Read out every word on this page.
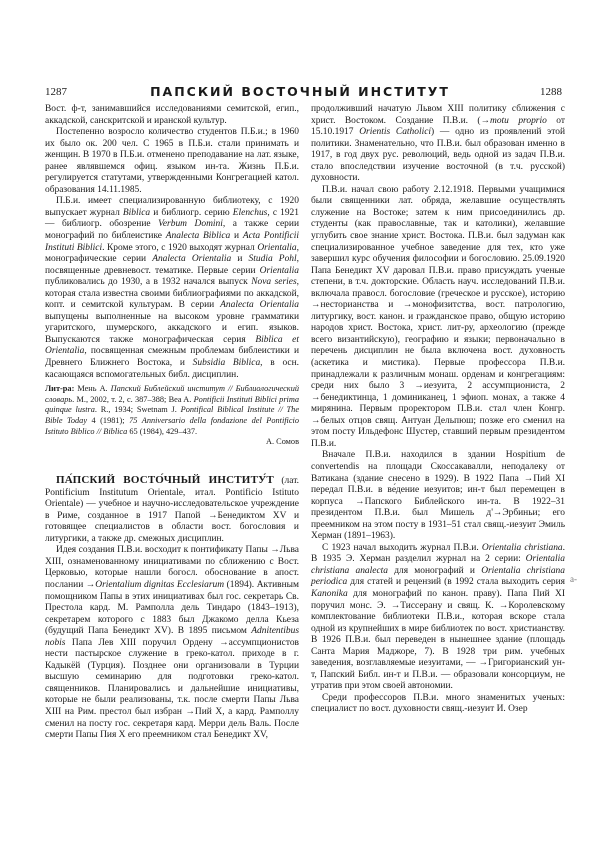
1287	ПАПСКИЙ ВОСТОЧНЫЙ ИНСТИТУТ	1288

Вост. ф-т, занимавшийся исследованиями семитской, егип., аккадской, санскритской и иранской культур.

Постепенно возросло количество студентов П.Б.и.; в 1960 их было ок. 200 чел. С 1965 в П.Б.и. стали принимать и женщин. В 1970 в П.Б.и. отменено преподавание на лат. языке, ранее являвшемся офиц. языком ин-та. Жизнь П.Б.и. регулируется статутами, утвержденными Конгрегацией катол. образования 14.11.1985.

П.Б.и. имеет специализированную библиотеку, с 1920 выпускает журнал Biblica и библиогр. серию Elenchus, с 1921 — библиогр. обозрение Verbum Domini, а также серии монографий по библеистике Analecta Biblica и Acta Pontificii Instituti Biblici. Кроме этого, с 1920 выходят журнал Orientalia, монографические серии Analecta Orientalia и Studia Pohl, посвященные древневост. тематике. Первые серии Orientalia публиковались до 1930, а в 1932 начался выпуск Nova series, которая стала известна своими библиографиями по аккадской, копт. и семитской культурам. В серии Analecta Orientalia выпущены выполненные на высоком уровне грамматики угаритского, шумерского, аккадского и егип. языков. Выпускаются также монографическая серия Biblica et Orientalia, посвященная смежным проблемам библеистики и Древнего Ближнего Востока, и Subsidia Biblica, в осн. касающаяся вспомогательных библ. дисциплин.

Лит-ра: Мень А. Папский Библейский институт // Библиологический словарь. М., 2002, т. 2, с. 387–388; Bea A. Pontificii Instituti Biblici prima quinque lustra. R., 1934; Swetnam J. Pontifical Biblical Institute // The Bible Today 4 (1981); 75 Anniversario della fondazione del Pontificio Istituto Biblico // Biblica 65 (1984), 429–437.

А. Сомов

ПА́ПСКИЙ ВОСТО́ЧНЫЙ ИНСТИТУ́Т (лат. Pontificium Institutum Orientale, итал. Pontificio Istituto Orientale) — учебное и научно-исследовательское учреждение в Риме, созданное в 1917 Папой →Бенедиктом XV и готовящее специалистов в области вост. богословия и литургики, а также др. смежных дисциплин.

Идея создания П.В.и. восходит к понтификату Папы →Льва XIII, ознаменованному инициативами по сближению с Вост. Церковью, которые нашли богосл. обоснование в апост. послании →Orientalium dignitas Ecclesiarum (1894). Активным помощником Папы в этих инициативах был гос. секретарь Св. Престола кард. М. Рамполла дель Тиндаро (1843–1913), секретарем которого с 1883 был Джакомо делла Кьеза (будущий Папа Бенедикт XV). В 1895 письмом Adnitentibus nobis Папа Лев XIII поручил Ордену →ассумпционистов нести пастырское служение в греко-катол. приходе в г. Кадыкёй (Турция). Позднее они организовали в Турции высшую семинарию для подготовки греко-катол. священников. Планировались и дальнейшие инициативы, которые не были реализованы, т.к. после смерти Папы Льва XIII на Рим. престол был избран →Пий X, а кард. Рамполлу сменил на посту гос. секретаря кард. Мерри дель Валь. После смерти Папы Пия X его преемником стал Бенедикт XV,

продолживший начатую Львом XIII политику сближения с христ. Востоком. Создание П.В.и. (→motu proprio от 15.10.1917 Orientis Catholici) — одно из проявлений этой политики. Знаменательно, что П.В.и. был образован именно в 1917, в год двух рус. революций, ведь одной из задач П.В.и. стало впоследствии изучение восточной (в т.ч. русской) духовности.

П.В.и. начал свою работу 2.12.1918. Первыми учащимися были священники лат. обряда, желавшие осуществлять служение на Востоке; затем к ним присоединились др. студенты (как православные, так и католики), желавшие углубить свое знание христ. Востока. П.В.и. был задуман как специализированное учебное заведение для тех, кто уже завершил курс обучения философии и богословию. 25.09.1920 Папа Бенедикт XV даровал П.В.и. право присуждать ученые степени, в т.ч. докторские. Область науч. исследований П.В.и. включала правосл. богословие (греческое и русское), историю →несторианства и →монофизитства, вост. патрологию, литургику, вост. канон. и гражданское право, общую историю народов христ. Востока, христ. лит-ру, археологию (прежде всего византийскую), географию и языки; первоначально в перечень дисциплин не была включена вост. духовность (аскетика и мистика). Первые профессора П.В.и. принадлежали к различным монаш. орденам и конгрегациям: среди них было 3 →иезуита, 2 ассумпциониста, 2 →бенедиктинца, 1 доминиканец, 1 эфиоп. монах, а также 4 мирянина. Первым проректором П.В.и. стал член Конгр. →белых отцов свящ. Антуан Дельпюш; позже его сменил на этом посту Ильдефонс Шустер, ставший первым президентом П.В.и.

Вначале П.В.и. находился в здании Hospitium de convertendis на площади Скоссакавалли, неподалеку от Ватикана (здание снесено в 1929). В 1922 Папа →Пий XI передал П.В.и. в ве́дение иезуитов; ин-т был перемещен в корпуса →Папского Библейского ин-та. В 1922–31 президентом П.В.и. был Мишель д'→Эрбиньи; его преемником на этом посту в 1931–51 стал свящ.-иезуит Эмиль Херман (1891–1963).

С 1923 начал выходить журнал П.В.и. Orientalia christiana. В 1935 Э. Херман разделил журнал на 2 серии: Orientalia christiana analecta для монографий и Orientalia christiana periodica для статей и рецензий (в 1992 стала выходить серия Kanonika для монографий по канон. праву). Папа Пий XI поручил монс. Э. →Тиссерану и свящ. К. →Королевскому комплектование библиотеки П.В.и., которая вскоре стала одной из крупнейших в мире библиотек по вост. христианству. В 1926 П.В.и. был переведен в нынешнее здание (площадь Санта Мария Маджоре, 7). В 1928 три рим. учебных заведения, возглавляемые иезуитами, — →Григорианский ун-т, Папский Библ. ин-т и П.В.и. — образовали консорциум, не утратив при этом своей автономии.

Среди профессоров П.В.и. много знаменитых ученых: специалист по вост. духовности свящ.-иезуит И. Озер

а-
